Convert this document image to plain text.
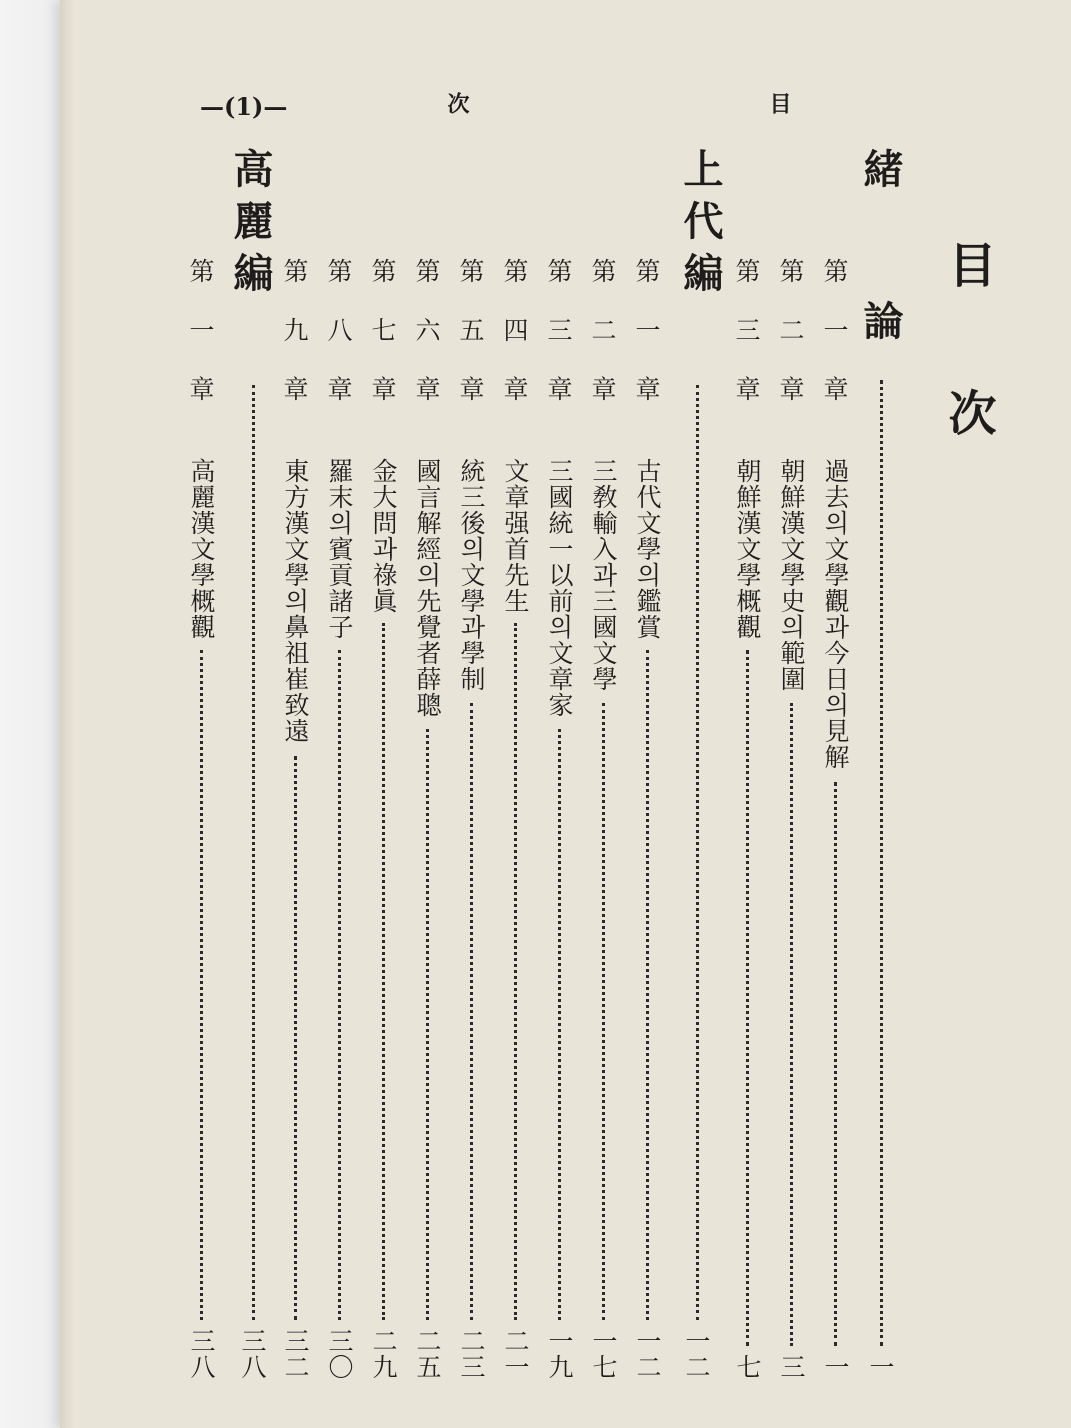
目
次
—(1)—
目次
緒論
一
第一章
過去의文學觀과今日의見解
一
第二章
朝鮮漢文學史의範圍
三
第三章
朝鮮漢文學概觀
七
上代編
一二
第一章
古代文學의鑑賞
一二
第二章
三敎輸入과三國文學
一七
第三章
三國統一以前의文章家
一九
第四章
文章强首先生
二一
第五章
統三後의文學과學制
二三
第六章
國言解經의先覺者薛聰
二五
第七章
金大問과祿眞
二九
第八章
羅末의賓貢諸子
三〇
第九章
東方漢文學의鼻祖崔致遠
三二
高麗編
三八
第一章
高麗漢文學概觀
三八
